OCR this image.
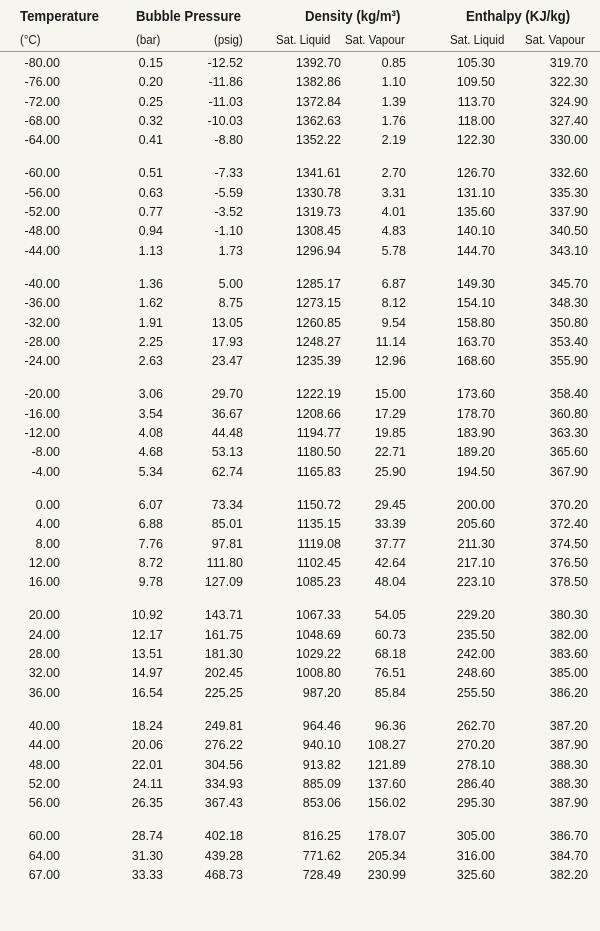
Temperature
(°C)
Bubble Pressure
(bar)	(psig)
Density (kg/m³)
Sat. Liquid Sat. Vapour
Enthalpy (KJ/kg)
Sat. Liquid Sat. Vapour
-80.00	0.15	-12.52	1392.70	0.85	105.30	319.70
-76.00	0.20	-11.86	1382.86	1.10	109.50	322.30
-72.00	0.25	-11.03	1372.84	1.39	113.70	324.90
-68.00	0.32	-10.03	1362.63	1.76	118.00	327.40
-64.00	0.41	-8.80	1352.22	2.19	122.30	330.00
-60.00	0.51	-7.33	1341.61	2.70	126.70	332.60
-56.00	0.63	-5.59	1330.78	3.31	131.10	335.30
-52.00	0.77	-3.52	1319.73	4.01	135.60	337.90
-48.00	0.94	-1.10	1308.45	4.83	140.10	340.50
-44.00	1.13	1.73	1296.94	5.78	144.70	343.10
-40.00	1.36	5.00	1285.17	6.87	149.30	345.70
-36.00	1.62	8.75	1273.15	8.12	154.10	348.30
-32.00	1.91	13.05	1260.85	9.54	158.80	350.80
-28.00	2.25	17.93	1248.27	11.14	163.70	353.40
-24.00	2.63	23.47	1235.39	12.96	168.60	355.90
-20.00	3.06	29.70	1222.19	15.00	173.60	358.40
-16.00	3.54	36.67	1208.66	17.29	178.70	360.80
-12.00	4.08	44.48	1194.77	19.85	183.90	363.30
-8.00	4.68	53.13	1180.50	22.71	189.20	365.60
-4.00	5.34	62.74	1165.83	25.90	194.50	367.90
0.00	6.07	73.34	1150.72	29.45	200.00	370.20
4.00	6.88	85.01	1135.15	33.39	205.60	372.40
8.00	7.76	97.81	1119.08	37.77	211.30	374.50
12.00	8.72	111.80	1102.45	42.64	217.10	376.50
16.00	9.78	127.09	1085.23	48.04	223.10	378.50
20.00	10.92	143.71	1067.33	54.05	229.20	380.30
24.00	12.17	161.75	1048.69	60.73	235.50	382.00
28.00	13.51	181.30	1029.22	68.18	242.00	383.60
32.00	14.97	202.45	1008.80	76.51	248.60	385.00
36.00	16.54	225.25	987.20	85.84	255.50	386.20
40.00	18.24	249.81	964.46	96.36	262.70	387.20
44.00	20.06	276.22	940.10	108.27	270.20	387.90
48.00	22.01	304.56	913.82	121.89	278.10	388.30
52.00	24.11	334.93	885.09	137.60	286.40	388.30
56.00	26.35	367.43	853.06	156.02	295.30	387.90
60.00	28.74	402.18	816.25	178.07	305.00	386.70
64.00	31.30	439.28	771.62	205.34	316.00	384.70
67.00	33.33	468.73	728.49	230.99	325.60	382.20
